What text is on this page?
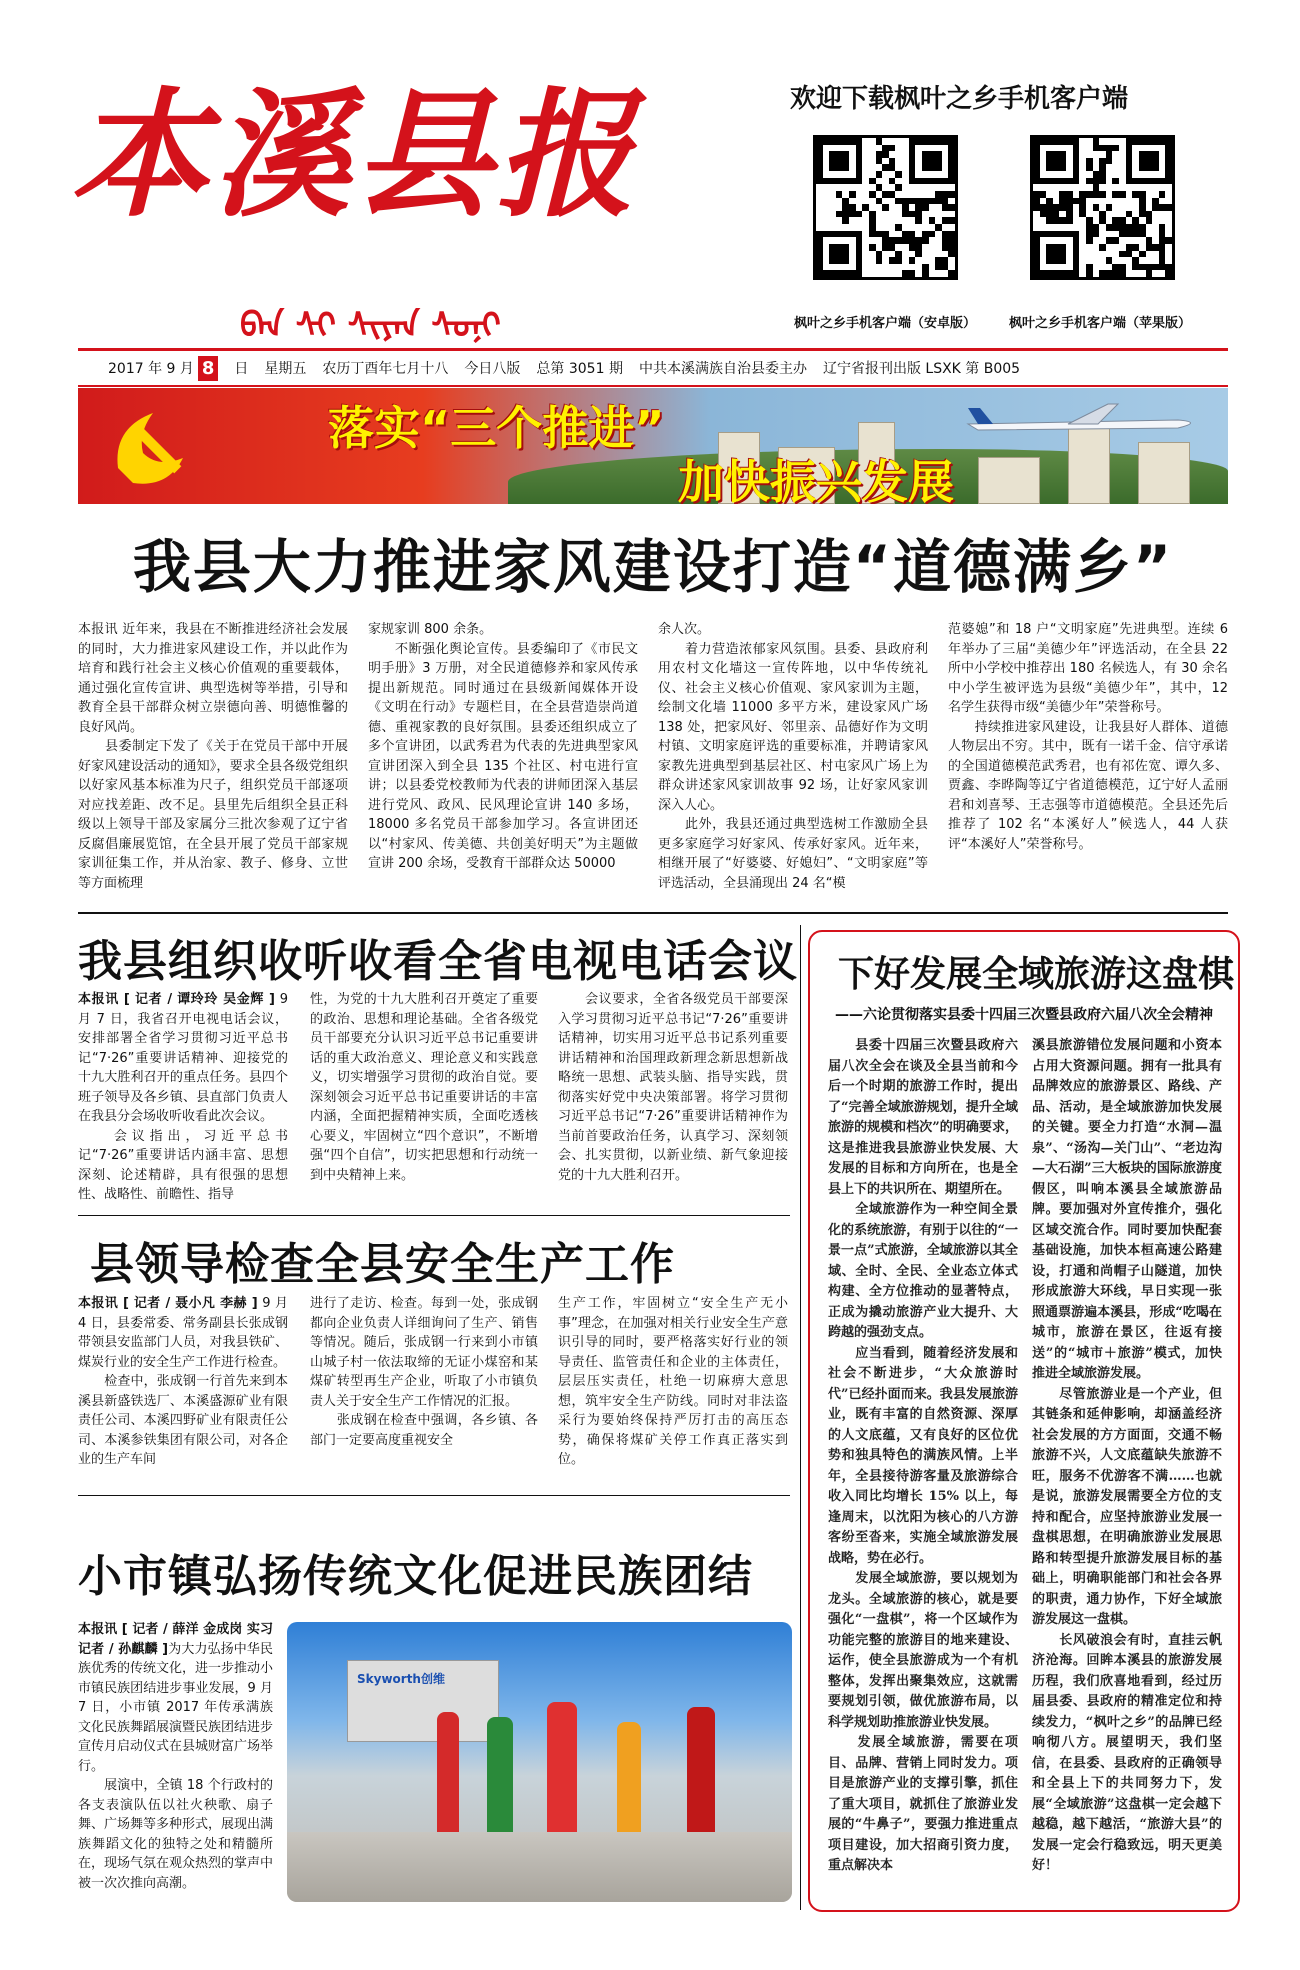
本溪县报
ᠪᠡᠨ ᠰᠢ ᠰᠢᠶᠠᠨ ᠰᠣᠨᠢ
欢迎下载枫叶之乡手机客户端
枫叶之乡手机客户端（安卓版）	枫叶之乡手机客户端（苹果版）
2017 年 9 月 8 日 星期五 农历丁酉年七月十八 今日八版 总第 3051 期 中共本溪满族自治县委主办 辽宁省报刊出版 LSXK 第 B005
落实“三个推进”
加快振兴发展
我县大力推进家风建设打造“道德满乡”
本报讯 近年来，我县在不断推进经济社会发展的同时，大力推进家风建设工作，并以此作为培育和践行社会主义核心价值观的重要载体，通过强化宣传宣讲、典型选树等举措，引导和教育全县干部群众树立崇德向善、明德惟馨的良好风尚。
　　县委制定下发了《关于在党员干部中开展好家风建设活动的通知》，要求全县各级党组织以好家风基本标准为尺子，组织党员干部逐项对应找差距、改不足。县里先后组织全县正科级以上领导干部及家属分三批次参观了辽宁省反腐倡廉展览馆，在全县开展了党员干部家规家训征集工作，并从治家、教子、修身、立世等方面梳理
家规家训 800 余条。
　　不断强化舆论宣传。县委编印了《市民文明手册》3 万册，对全民道德修养和家风传承提出新规范。同时通过在县级新闻媒体开设《文明在行动》专题栏目，在全县营造崇尚道德、重视家教的良好氛围。县委还组织成立了多个宣讲团，以武秀君为代表的先进典型家风宣讲团深入到全县 135 个社区、村屯进行宣讲；以县委党校教师为代表的讲师团深入基层进行党风、政风、民风理论宣讲 140 多场，18000 多名党员干部参加学习。各宣讲团还以“村家风、传美德、共创美好明天”为主题做宣讲 200 余场，受教育干部群众达 50000
余人次。
　　着力营造浓郁家风氛围。县委、县政府利用农村文化墙这一宣传阵地，以中华传统礼仪、社会主义核心价值观、家风家训为主题，绘制文化墙 11000 多平方米，建设家风广场 138 处，把家风好、邻里亲、品德好作为文明村镇、文明家庭评选的重要标准，并聘请家风家教先进典型到基层社区、村屯家风广场上为群众讲述家风家训故事 92 场，让好家风家训深入人心。
　　此外，我县还通过典型选树工作激励全县更多家庭学习好家风、传承好家风。近年来，相继开展了“好婆婆、好媳妇”、“文明家庭”等评选活动，全县涌现出 24 名“模
范婆媳”和 18 户“文明家庭”先进典型。连续 6 年举办了三届“美德少年”评选活动，在全县 22 所中小学校中推荐出 180 名候选人，有 30 余名中小学生被评选为县级“美德少年”，其中，12 名学生获得市级“美德少年”荣誉称号。
　　持续推进家风建设，让我县好人群体、道德人物层出不穷。其中，既有一诺千金、信守承诺的全国道德模范武秀君，也有祁佐宽、谭久多、贾鑫、李晔陶等辽宁省道德模范，辽宁好人孟丽君和刘喜琴、王志强等市道德模范。全县还先后推荐了 102 名“本溪好人”候选人，44 人获评“本溪好人”荣誉称号。
我县组织收听收看全省电视电话会议
本报讯 [ 记者 / 谭玲玲 吴金辉 ] 9 月 7 日，我省召开电视电话会议，安排部署全省学习贯彻习近平总书记“7·26”重要讲话精神、迎接党的十九大胜利召开的重点任务。县四个班子领导及各乡镇、县直部门负责人在我县分会场收听收看此次会议。
　　会议指出，习近平总书记“7·26”重要讲话内涵丰富、思想深刻、论述精辟，具有很强的思想性、战略性、前瞻性、指导
性，为党的十九大胜利召开奠定了重要的政治、思想和理论基础。全省各级党员干部要充分认识习近平总书记重要讲话的重大政治意义、理论意义和实践意义，切实增强学习贯彻的政治自觉。要深刻领会习近平总书记重要讲话的丰富内涵，全面把握精神实质，全面吃透核心要义，牢固树立“四个意识”，不断增强“四个自信”，切实把思想和行动统一到中央精神上来。
　　会议要求，全省各级党员干部要深入学习贯彻习近平总书记“7·26”重要讲话精神，切实用习近平总书记系列重要讲话精神和治国理政新理念新思想新战略统一思想、武装头脑、指导实践，贯彻落实好党中央决策部署。将学习贯彻习近平总书记“7·26”重要讲话精神作为当前首要政治任务，认真学习、深刻领会、扎实贯彻，以新业绩、新气象迎接党的十九大胜利召开。
县领导检查全县安全生产工作
本报讯 [ 记者 / 聂小凡 李赫 ] 9 月 4 日，县委常委、常务副县长张成钢带领县安监部门人员，对我县铁矿、煤炭行业的安全生产工作进行检查。
　　检查中，张成钢一行首先来到本溪县新盛铁选厂、本溪盛源矿业有限责任公司、本溪四野矿业有限责任公司、本溪参铁集团有限公司，对各企业的生产车间
进行了走访、检查。每到一处，张成钢都向企业负责人详细询问了生产、销售等情况。随后，张成钢一行来到小市镇山城子村一依法取缔的无证小煤窑和某煤矿转型再生产企业，听取了小市镇负责人关于安全生产工作情况的汇报。
　　张成钢在检查中强调，各乡镇、各部门一定要高度重视安全
生产工作，牢固树立“安全生产无小事”理念，在加强对相关行业安全生产意识引导的同时，要严格落实好行业的领导责任、监管责任和企业的主体责任，层层压实责任，杜绝一切麻痹大意思想，筑牢安全生产防线。同时对非法盗采行为要始终保持严厉打击的高压态势，确保将煤矿关停工作真正落实到位。
小市镇弘扬传统文化促进民族团结
本报讯 [ 记者 / 薛洋 金成岗 实习记者 / 孙麒麟 ]为大力弘扬中华民族优秀的传统文化，进一步推动小市镇民族团结进步事业发展，9 月 7 日，小市镇 2017 年传承满族文化民族舞蹈展演暨民族团结进步宣传月启动仪式在县城财富广场举行。
　　展演中，全镇 18 个行政村的各支表演队伍以社火秧歌、扇子舞、广场舞等多种形式，展现出满族舞蹈文化的独特之处和精髓所在，现场气氛在观众热烈的掌声中被一次次推向高潮。
Skyworth创维
下好发展全域旅游这盘棋
——六论贯彻落实县委十四届三次暨县政府六届八次全会精神
　　县委十四届三次暨县政府六届八次全会在谈及全县当前和今后一个时期的旅游工作时，提出了“完善全域旅游规划，提升全域旅游的规模和档次”的明确要求，这是推进我县旅游业快发展、大发展的目标和方向所在，也是全县上下的共识所在、期望所在。
　　全域旅游作为一种空间全景化的系统旅游，有别于以往的“一景一点”式旅游，全域旅游以其全域、全时、全民、全业态立体式构建、全方位推动的显著特点，正成为撬动旅游产业大提升、大跨越的强劲支点。
　　应当看到，随着经济发展和社会不断进步，“大众旅游时代”已经扑面而来。我县发展旅游业，既有丰富的自然资源、深厚的人文底蕴，又有良好的区位优势和独具特色的满族风情。上半年，全县接待游客量及旅游综合收入同比均增长 15% 以上，每逢周末，以沈阳为核心的八方游客纷至沓来，实施全域旅游发展战略，势在必行。
　　发展全域旅游，要以规划为龙头。全域旅游的核心，就是要强化“一盘棋”，将一个区域作为功能完整的旅游目的地来建设、运作，使全县旅游成为一个有机整体，发挥出聚集效应，这就需要规划引领，做优旅游布局，以科学规划助推旅游业快发展。
　　发展全域旅游，需要在项目、品牌、营销上同时发力。项目是旅游产业的支撑引擎，抓住了重大项目，就抓住了旅游业发展的“牛鼻子”，要强力推进重点项目建设，加大招商引资力度，重点解决本
溪县旅游错位发展问题和小资本占用大资源问题。拥有一批具有品牌效应的旅游景区、路线、产品、活动，是全域旅游加快发展的关键。要全力打造“水洞—温泉”、“汤沟—关门山”、“老边沟—大石湖”三大板块的国际旅游度假区，叫响本溪县全域旅游品牌。要加强对外宣传推介，强化区域交流合作。同时要加快配套基础设施，加快本桓高速公路建设，打通和尚帽子山隧道，加快形成旅游大环线，早日实现一张照通票游遍本溪县，形成“吃喝在城市，旅游在景区，往返有接送”的“城市＋旅游”模式，加快推进全域旅游发展。
　　尽管旅游业是一个产业，但其链条和延伸影响，却涵盖经济社会发展的方方面面，交通不畅旅游不兴，人文底蕴缺失旅游不旺，服务不优游客不满……也就是说，旅游发展需要全方位的支持和配合，应坚持旅游业发展一盘棋思想，在明确旅游业发展思路和转型提升旅游发展目标的基础上，明确职能部门和社会各界的职责，通力协作，下好全域旅游发展这一盘棋。
　　长风破浪会有时，直挂云帆济沧海。回眸本溪县的旅游发展历程，我们欣喜地看到，经过历届县委、县政府的精准定位和持续发力，“枫叶之乡”的品牌已经响彻八方。展望明天，我们坚信，在县委、县政府的正确领导和全县上下的共同努力下，发展“全域旅游”这盘棋一定会越下越稳，越下越活，“旅游大县”的发展一定会行稳致远，明天更美好！
